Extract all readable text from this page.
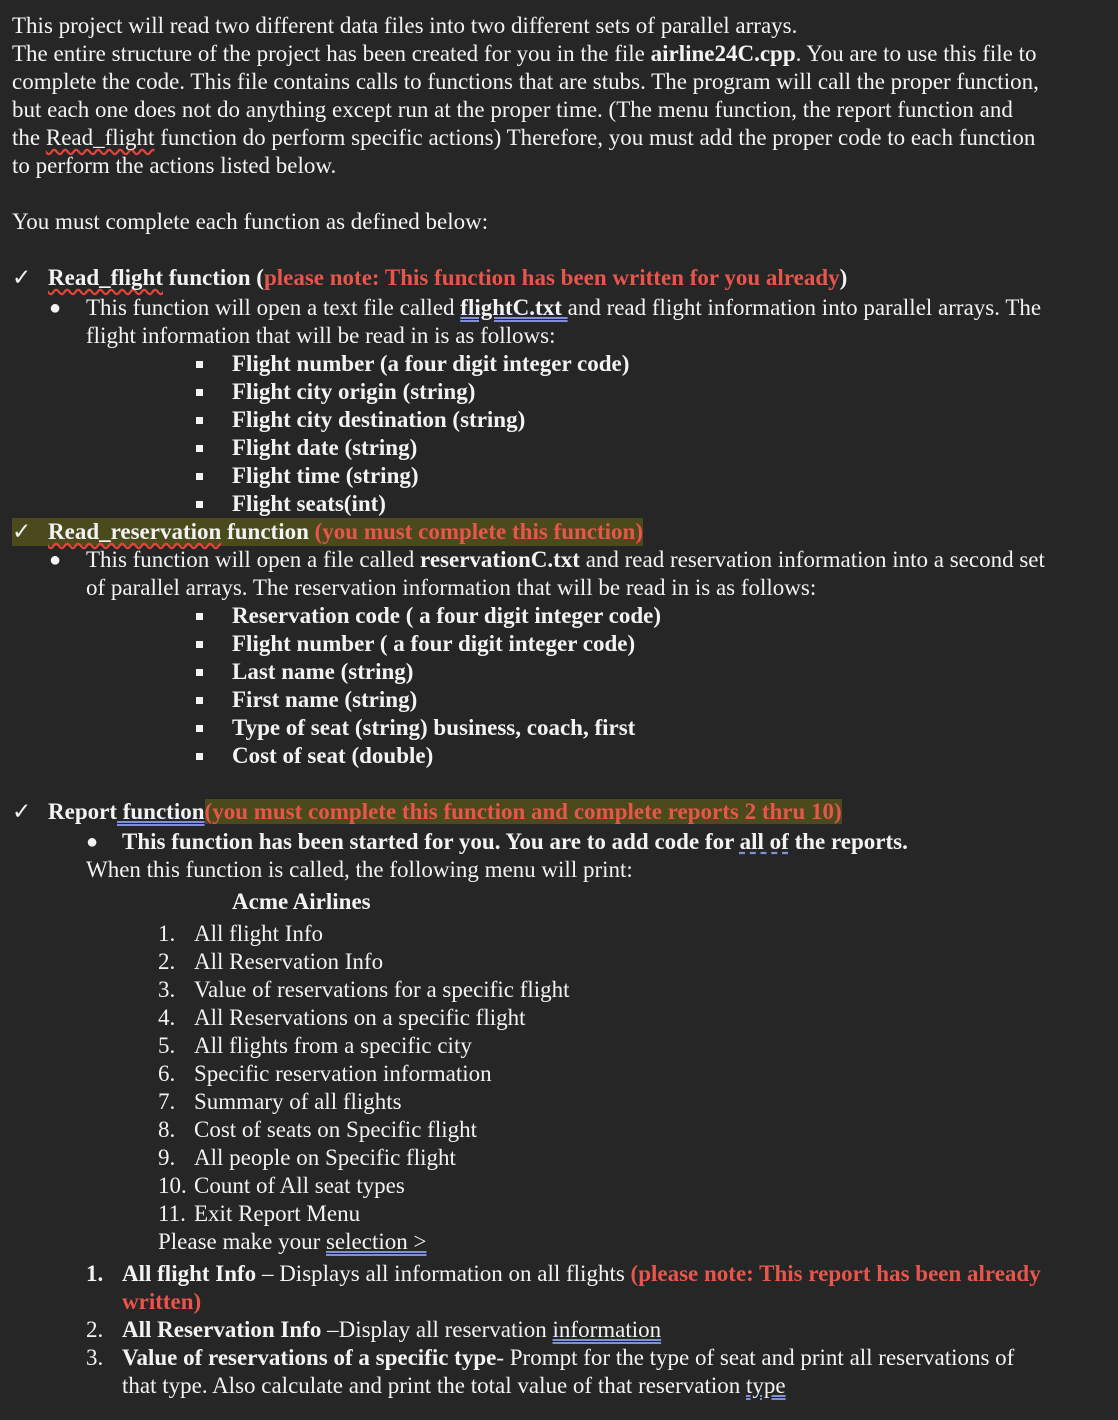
This project will read two different data files into two different sets of parallel arrays.
The entire structure of the project has been created for you in the file airline24C.cpp. You are to use this file to
complete the code. This file contains calls to functions that are stubs. The program will call the proper function,
but each one does not do anything except run at the proper time. (The menu function, the report function and
the Read_flight function do perform specific actions) Therefore, you must add the proper code to each function
to perform the actions listed below.
You must complete each function as defined below:
✓ Read_flight function (please note: This function has been written for you already)
● This function will open a text file called flightC.txt and read flight information into parallel arrays. The
flight information that will be read in is as follows:
Flight number (a four digit integer code)
Flight city origin (string)
Flight city destination (string)
Flight date (string)
Flight time (string)
Flight seats(int)
✓ Read_reservation function (you must complete this function)
● This function will open a file called reservationC.txt and read reservation information into a second set
of parallel arrays. The reservation information that will be read in is as follows:
Reservation code ( a four digit integer code)
Flight number ( a four digit integer code)
Last name (string)
First name (string)
Type of seat (string) business, coach, first
Cost of seat (double)
✓ Report function(you must complete this function and complete reports 2 thru 10)
● This function has been started for you. You are to add code for all of the reports.
When this function is called, the following menu will print:
Acme Airlines
1. All flight Info
2. All Reservation Info
3. Value of reservations for a specific flight
4. All Reservations on a specific flight
5. All flights from a specific city
6. Specific reservation information
7. Summary of all flights
8. Cost of seats on Specific flight
9. All people on Specific flight
10. Count of All seat types
11. Exit Report Menu
Please make your selection >
1. All flight Info – Displays all information on all flights (please note: This report has been already
written)
2. All Reservation Info –Display all reservation information
3. Value of reservations of a specific type- Prompt for the type of seat and print all reservations of
that type. Also calculate and print the total value of that reservation type
